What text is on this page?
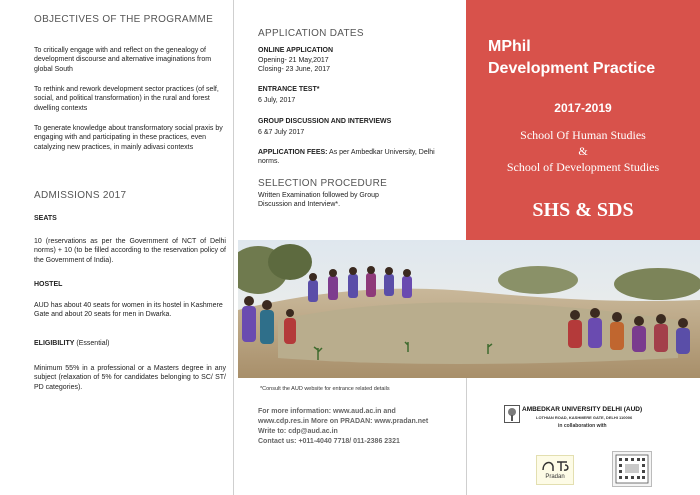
OBJECTIVES OF THE PROGRAMME
To critically engage with and reflect on the genealogy of development discourse and alternative imaginations from global South
To rethink and rework development sector practices (of self, social, and political transformation) in the rural and forest dwelling contexts
To generate knowledge about transformatory social praxis by engaging with and participating in these practices, even catalyzing new practices, in mainly adivasi contexts
ADMISSIONS 2017
SEATS
10 (reservations as per the Government of NCT of Delhi norms) + 10 (to be filled according to the reservation policy of the Government of India).
HOSTEL
AUD has about 40 seats for women in its hostel in Kashmere Gate and about 20 seats for men in Dwarka.
ELIGIBILITY (Essential)
Minimum 55% in a professional or a Masters degree in any subject (relaxation of 5% for candidates belonging to SC/ ST/ PD categories).
APPLICATION DATES
ONLINE APPLICATION
Opening- 21 May,2017
Closing- 23 June, 2017
ENTRANCE TEST*
6 July, 2017
GROUP DISCUSSION AND INTERVIEWS
6 &7 July 2017
APPLICATION FEES: As per Ambedkar University, Delhi norms.
SELECTION PROCEDURE
Written Examination followed by Group Discussion and Interview*.
*Consult the AUD website for entrance related details
For more information: www.aud.ac.in and
www.cdp.res.in More on PRADAN: www.pradan.net
Write to: cdp@aud.ac.in
Contact us: +011-4040 7718/ 011-2386 2321
MPhil
Development Practice
2017-2019
School Of Human Studies
&
School of Development Studies
SHS & SDS
AMBEDKAR UNIVERSITY DELHI (AUD)
LOTHIAN ROAD, KASHMERE GATE, DELHI 110006
in collaboration with
Pradan
